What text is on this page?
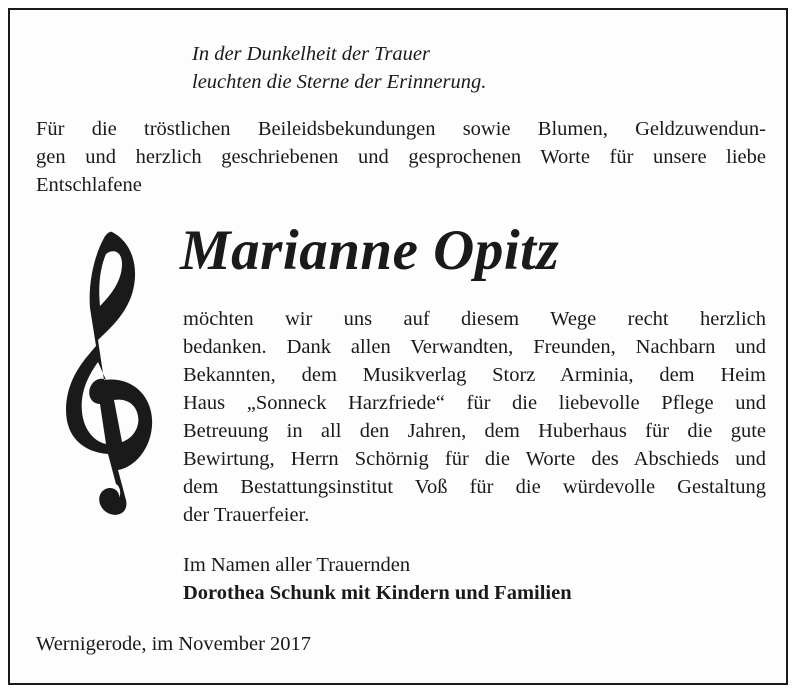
In der Dunkelheit der Trauer
leuchten die Sterne der Erinnerung.
Für die tröstlichen Beileidsbekundungen sowie Blumen, Geldzuwendun-
gen und herzlich geschriebenen und gesprochenen Worte für unsere liebe
Entschlafene
Marianne Opitz
möchten wir uns auf diesem Wege recht herzlich
bedanken. Dank allen Verwandten, Freunden, Nachbarn und
Bekannten, dem Musikverlag Storz Arminia, dem Heim
Haus „Sonneck Harzfriede“ für die liebevolle Pflege und
Betreuung in all den Jahren, dem Huberhaus für die gute
Bewirtung, Herrn Schörnig für die Worte des Abschieds und
dem Bestattungsinstitut Voß für die würdevolle Gestaltung
der Trauerfeier.
Im Namen aller Trauernden
Dorothea Schunk mit Kindern und Familien
Wernigerode, im November 2017
